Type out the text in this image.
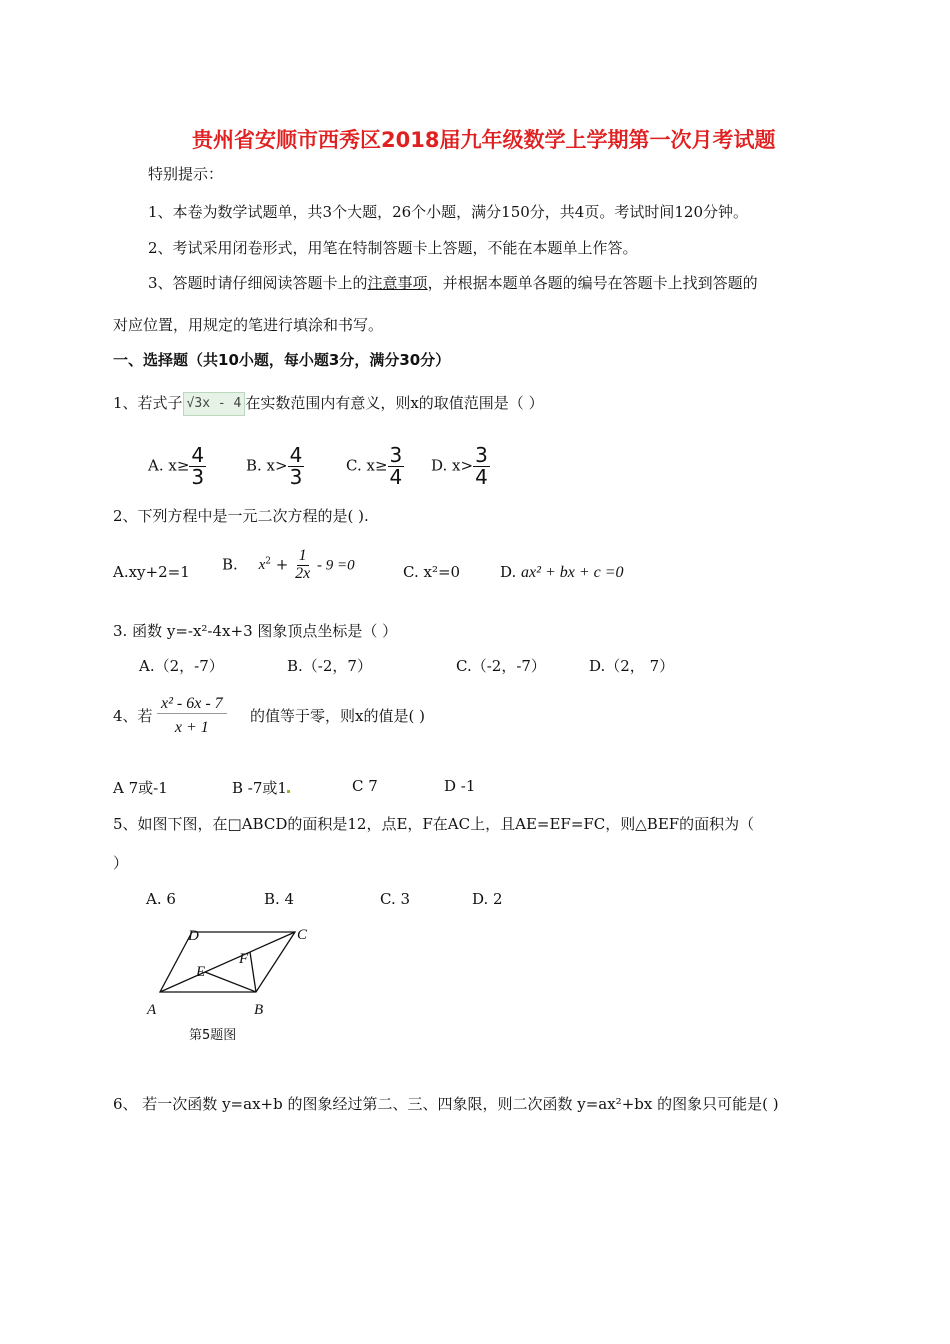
贵州省安顺市西秀区2018届九年级数学上学期第一次月考试题
特别提示：
1、本卷为数学试题单，共3个大题，26个小题，满分150分，共4页。考试时间120分钟。
2、考试采用闭卷形式，用笔在特制答题卡上答题，不能在本题单上作答。
3、答题时请仔细阅读答题卡上的注意事项，并根据本题单各题的编号在答题卡上找到答题的
对应位置，用规定的笔进行填涂和书写。
一、选择题（共10小题，每小题3分，满分30分）
1、若式子 √3x - 4 在实数范围内有意义，则x的取值范围是（ ）
A. $x\ge \frac{4}{3}$	B. $x> \frac{4}{3}$	C. $x\ge \frac{3}{4} D$. $x> \frac{3}{4}$
2、下列方程中是一元二次方程的是( ).
A.xy+2=1 B. $x^2 + \frac{1}{2x} - 9 =0$	C. x²=0	D. ax² + bx + c =0
3. 函数 y=-x²-4x+3 图象顶点坐标是（ ）
A.（2，-7）	B.（-2，7）	C.（-2，-7）	D.（2， 7）
4、若 $\frac{\text{x² - 6x - 7}}{x + 1}$ 的值等于零，则x的值是( )
A 7或-1	B -7或1	C 7	D -1
5、如图下图，在□ABCD的面积是12，点E，F在AC上，且AE=EF=FC，则△BEF的面积为（
）
A. 6	B. 4	C. 3	D. 2
D	C
E
F
A	B
第5题图
6、 若一次函数 y=ax+b 的图象经过第二、三、四象限，则二次函数 y=ax²+bx 的图象只可能是( )
